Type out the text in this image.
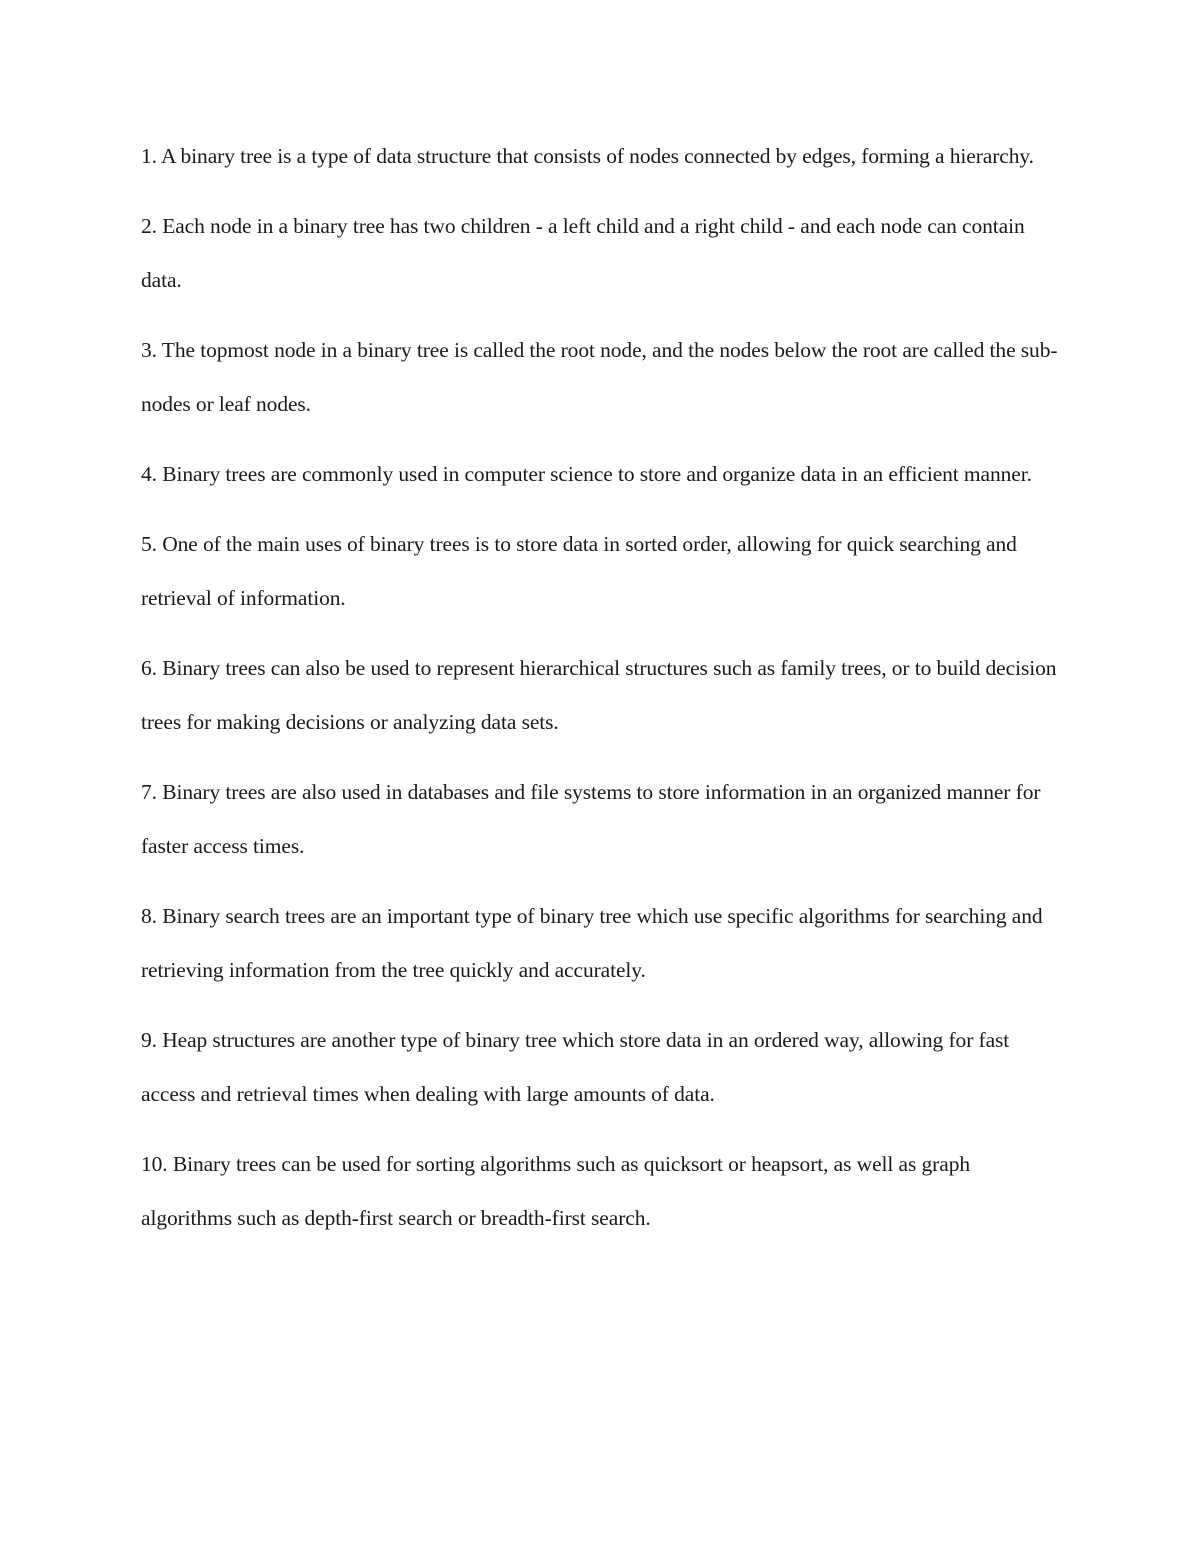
1. A binary tree is a type of data structure that consists of nodes connected by edges, forming a hierarchy.

2. Each node in a binary tree has two children - a left child and a right child - and each node can contain data.

3. The topmost node in a binary tree is called the root node, and the nodes below the root are called the sub-nodes or leaf nodes.

4. Binary trees are commonly used in computer science to store and organize data in an efficient manner.

5. One of the main uses of binary trees is to store data in sorted order, allowing for quick searching and retrieval of information.

6. Binary trees can also be used to represent hierarchical structures such as family trees, or to build decision trees for making decisions or analyzing data sets.

7. Binary trees are also used in databases and file systems to store information in an organized manner for faster access times.

8. Binary search trees are an important type of binary tree which use specific algorithms for searching and retrieving information from the tree quickly and accurately.

9. Heap structures are another type of binary tree which store data in an ordered way, allowing for fast access and retrieval times when dealing with large amounts of data.

10. Binary trees can be used for sorting algorithms such as quicksort or heapsort, as well as graph algorithms such as depth-first search or breadth-first search.
